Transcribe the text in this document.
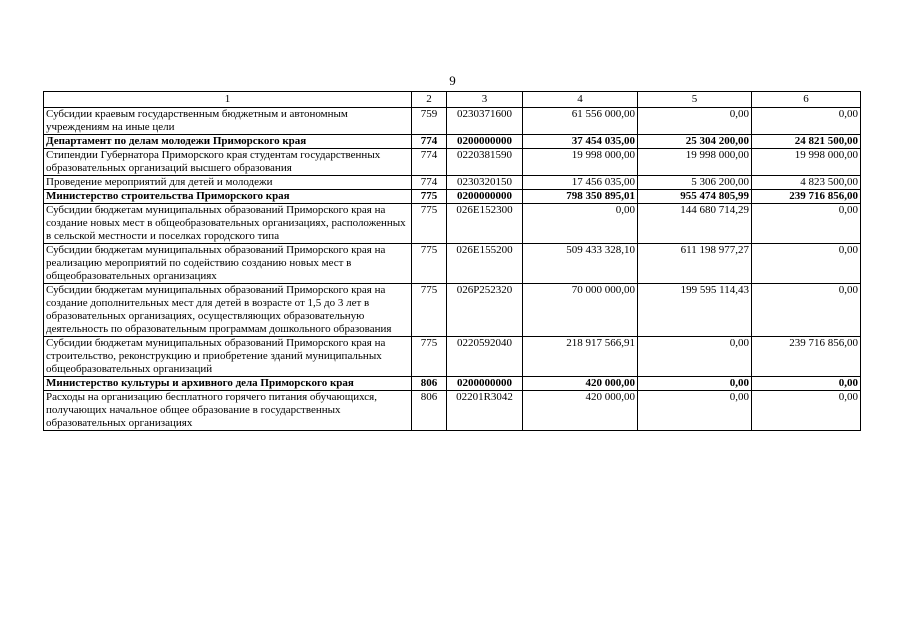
9
1	2	3	4	5	6
Субсидии краевым государственным бюджетным и автономным учреждениям на иные цели	759	0230371600	61 556 000,00	0,00	0,00
Департамент по делам молодежи Приморского края	774	0200000000	37 454 035,00	25 304 200,00	24 821 500,00
Стипендии Губернатора Приморского края студентам государственных образовательных организаций высшего образования	774	0220381590	19 998 000,00	19 998 000,00	19 998 000,00
Проведение мероприятий для детей и молодежи	774	0230320150	17 456 035,00	5 306 200,00	4 823 500,00
Министерство строительства Приморского края	775	0200000000	798 350 895,01	955 474 805,99	239 716 856,00
Субсидии бюджетам муниципальных образований Приморского края на создание новых мест в общеобразовательных организациях, расположенных в сельской местности и поселках городского типа	775	026E152300	0,00	144 680 714,29	0,00
Субсидии бюджетам муниципальных образований Приморского края на реализацию мероприятий по содействию созданию новых мест в общеобразовательных организациях	775	026E155200	509 433 328,10	611 198 977,27	0,00
Субсидии бюджетам муниципальных образований Приморского края на создание дополнительных мест для детей в возрасте от 1,5 до 3 лет в образовательных организациях, осуществляющих образовательную деятельность по образовательным программам дошкольного образования	775	026P252320	70 000 000,00	199 595 114,43	0,00
Субсидии бюджетам муниципальных образований Приморского края на строительство, реконструкцию и приобретение зданий муниципальных общеобразовательных организаций	775	0220592040	218 917 566,91	0,00	239 716 856,00
Министерство культуры и архивного дела Приморского края	806	0200000000	420 000,00	0,00	0,00
Расходы на организацию бесплатного горячего питания обучающихся, получающих начальное общее образование в государственных образовательных организациях	806	02201R3042	420 000,00	0,00	0,00
